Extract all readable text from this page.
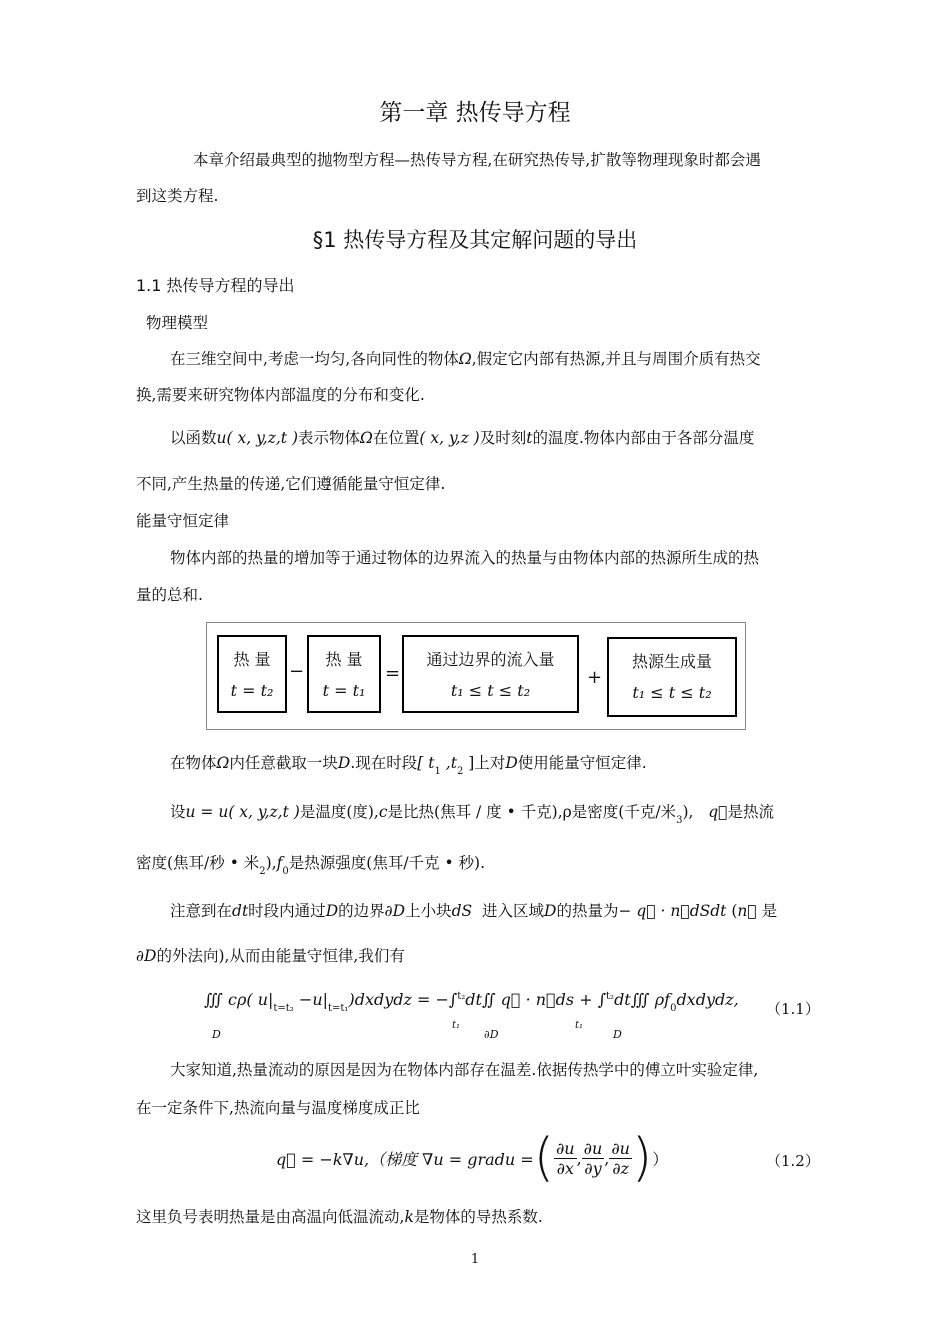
第一章 热传导方程
本章介绍最典型的抛物型方程—热传导方程,在研究热传导,扩散等物理现象时都会遇
到这类方程.
§1 热传导方程及其定解问题的导出
1.1 热传导方程的导出
物理模型
在三维空间中,考虑一均匀,各向同性的物体Ω,假定它内部有热源,并且与周围介质有热交
换,需要来研究物体内部温度的分布和变化.
以函数u( x, y,z,t )表示物体Ω在位置( x, y,z )及时刻t的温度.物体内部由于各部分温度
不同,产生热量的传递,它们遵循能量守恒定律.
能量守恒定律
物体内部的热量的增加等于通过物体的边界流入的热量与由物体内部的热源所生成的热
量的总和.
热 量
t = t₂
−
热 量
t = t₁
=
通过边界的流入量
t₁ ≤ t ≤ t₂
+
热源生成量
t₁ ≤ t ≤ t₂
在物体Ω内任意截取一块D.现在时段[ $t_1$ $,t_2$ ]上对D使用能量守恒定律.
设u = u( x, y,z,t )是温度(度),c是比热(焦耳 / 度 • 千克),ρ是密度(千克/米$_3$), q⃗是热流
密度(焦耳/秒 • 米$_2),f_0$是热源强度(焦耳/千克 • 秒).
注意到在dt时段内通过D的边界∂D上小块dS 进入区域D的热量为− q⃗ · n⃗dSdt (n⃗ 是
∂D的外法向),从而由能量守恒律,我们有
∭ cρ( $u|_{t=t_2}$ $-u|_{t=t_1})dxdydz$ = −∫$^{t_2}$dt∬ q⃗ · n⃗ds + ∫$^{t_2}$dt∭ $\rho f_0dxdydz$,
D
t₁
∂D
t₁
D
（1.1）
大家知道,热量流动的原因是因为在物体内部存在温差.依据传热学中的傅立叶实验定律,
在一定条件下,热流向量与温度梯度成正比
q⃗ = −k∇u,（梯度 ∇u = gradu = ( $\frac{\partial u}{\partial x}$ , $\frac{\partial u}{\partial y}$ , $\frac{\partial u}{\partial z}$ ) ）	（1.2）
这里负号表明热量是由高温向低温流动,k是物体的导热系数.
1
